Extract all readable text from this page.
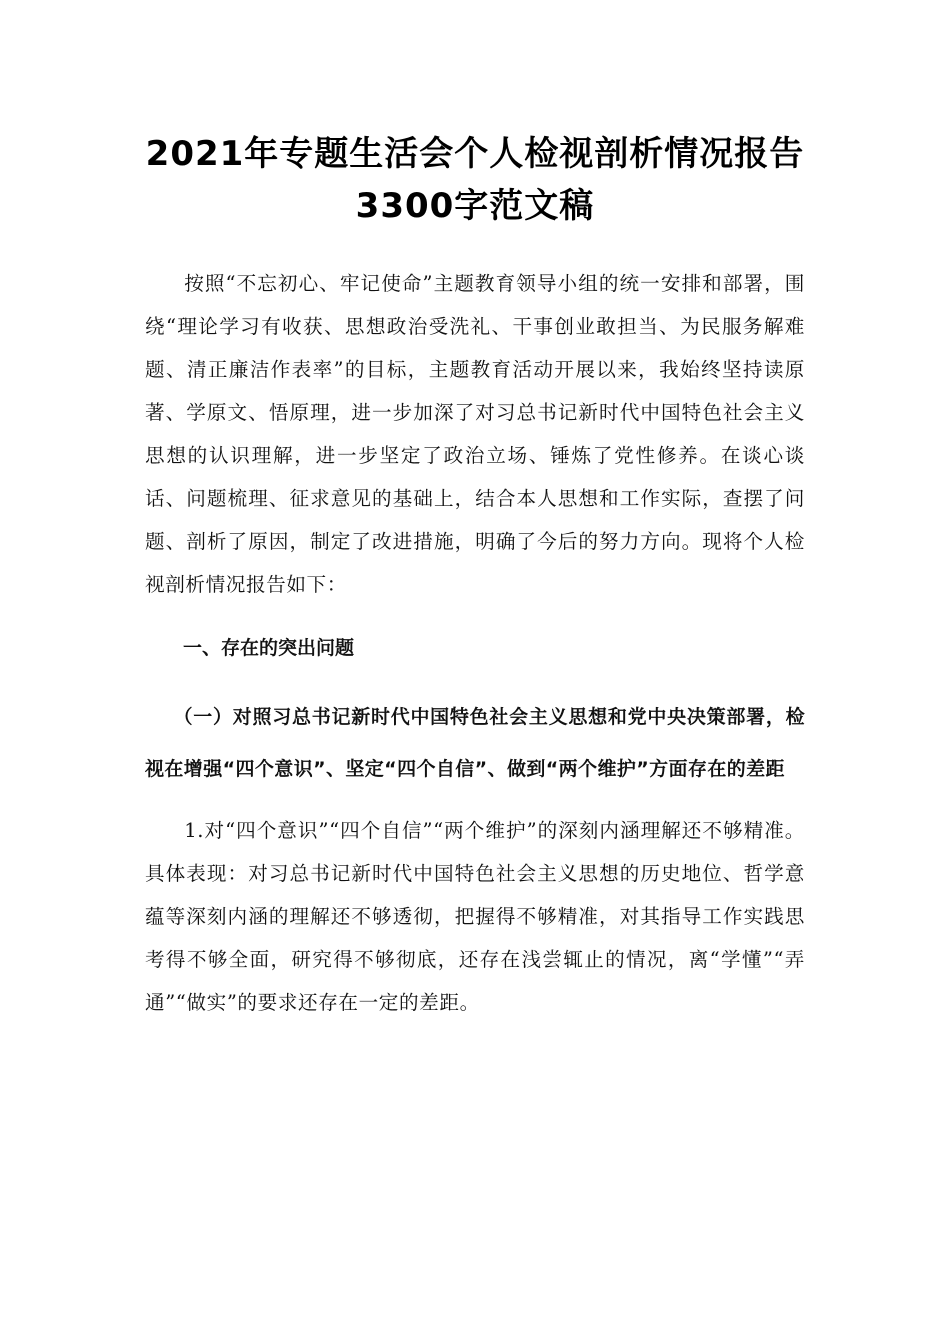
2021年专题生活会个人检视剖析情况报告
3300字范文稿

按照“不忘初心、牢记使命”主题教育领导小组的统一安排和部署，围绕“理论学习有收获、思想政治受洗礼、干事创业敢担当、为民服务解难题、清正廉洁作表率”的目标，主题教育活动开展以来，我始终坚持读原著、学原文、悟原理，进一步加深了对习总书记新时代中国特色社会主义思想的认识理解，进一步坚定了政治立场、锤炼了党性修养。在谈心谈话、问题梳理、征求意见的基础上，结合本人思想和工作实际，查摆了问题、剖析了原因，制定了改进措施，明确了今后的努力方向。现将个人检视剖析情况报告如下：

一、存在的突出问题
（一）对照习总书记新时代中国特色社会主义思想和党中央决策部署，检视在增强“四个意识”、坚定“四个自信”、做到“两个维护”方面存在的差距

1.对“四个意识”“四个自信”“两个维护”的深刻内涵理解还不够精准。具体表现：对习总书记新时代中国特色社会主义思想的历史地位、哲学意蕴等深刻内涵的理解还不够透彻，把握得不够精准，对其指导工作实践思考得不够全面，研究得不够彻底，还存在浅尝辄止的情况，离“学懂”“弄通”“做实”的要求还存在一定的差距。
